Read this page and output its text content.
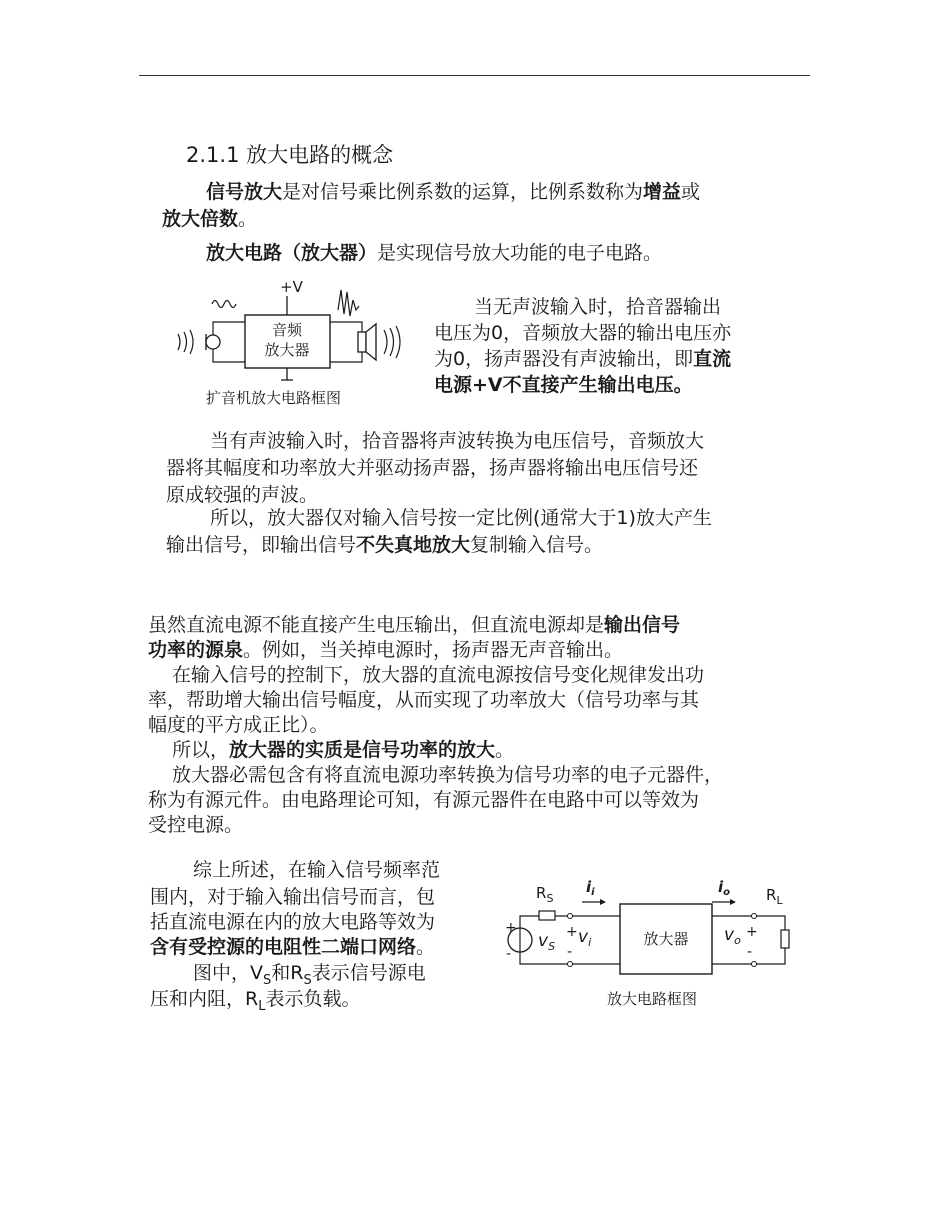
2.1.1 放大电路的概念
信号放大是对信号乘比例系数的运算，比例系数称为增益或
放大倍数。
放大电路（放大器）是实现信号放大功能的电子电路。
+V
音频
放大器
扩音机放大电路框图
当无声波输入时，拾音器输出
电压为0，音频放大器的输出电压亦
为0，扬声器没有声波输出，即直流
电源+V不直接产生输出电压。
当有声波输入时，拾音器将声波转换为电压信号，音频放大
器将其幅度和功率放大并驱动扬声器，扬声器将输出电压信号还
原成较强的声波。
所以，放大器仅对输入信号按一定比例(通常大于1)放大产生
输出信号，即输出信号不失真地放大复制输入信号。
虽然直流电源不能直接产生电压输出，但直流电源却是输出信号
功率的源泉。例如，当关掉电源时，扬声器无声音输出。
在输入信号的控制下，放大器的直流电源按信号变化规律发出功
率，帮助增大输出信号幅度，从而实现了功率放大（信号功率与其
幅度的平方成正比）。
所以，放大器的实质是信号功率的放大。
放大器必需包含有将直流电源功率转换为信号功率的电子元器件，
称为有源元件。由电路理论可知，有源元器件在电路中可以等效为
受控电源。
综上所述，在输入信号频率范
围内，对于输入输出信号而言，包
括直流电源在内的放大电路等效为
含有受控源的电阻性二端口网络。
图中，$V_S$和$R_S$表示信号源电
压和内阻，$R_L$表示负载。
$R_S$
$i_i$	$i_o$ $R_L$
+
-
$v_S$
+ $v_i$
-
放大器 $v_o$
+
-
放大电路框图
